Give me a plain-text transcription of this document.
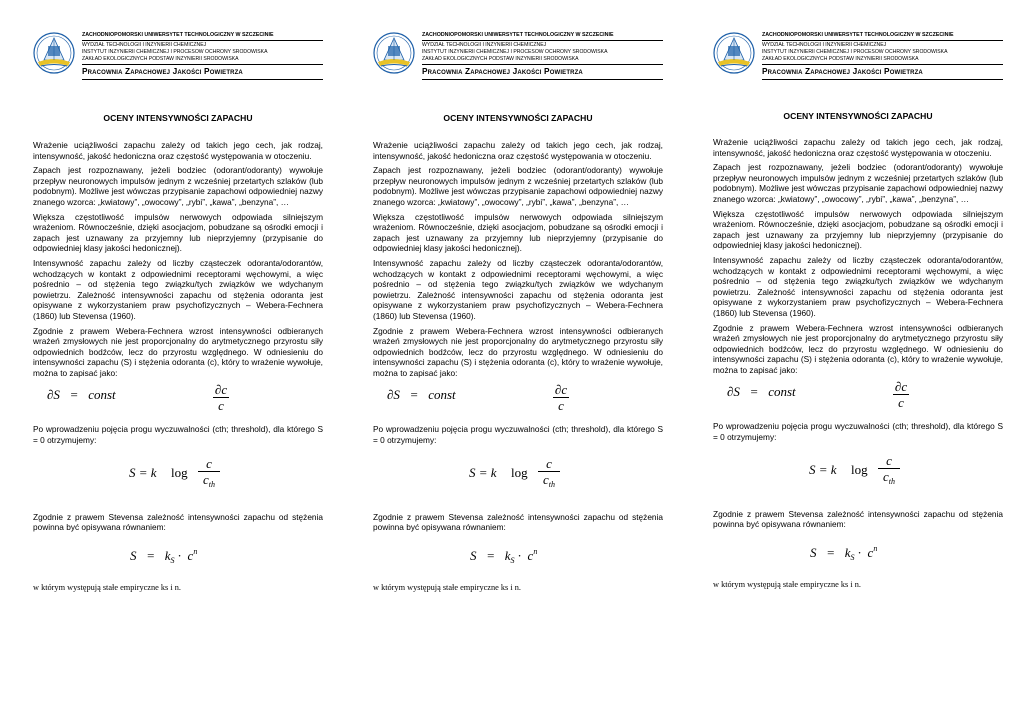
ZACHODNIOPOMORSKI UNIWERSYTET TECHNOLOGICZNY W SZCZECINIE
WYDZIAŁ TECHNOLOGII I INŻYNIERII CHEMICZNEJ
INSTYTUT INŻYNIERII CHEMICZNEJ I PROCESÓW OCHRONY ŚRODOWISKA
ZAKŁAD EKOLOGICZNYCH PODSTAW INŻYNIERII ŚRODOWISKA
Pracownia Zapachowej Jakości Powietrza
OCENY INTENSYWNOŚCI ZAPACHU

Wrażenie uciążliwości zapachu zależy od takich jego cech, jak rodzaj, intensywność, jakość hedoniczna oraz częstość występowania w otoczeniu.

Zapach jest rozpoznawany, jeżeli bodziec (odorant/odoranty) wywołuje przepływ neuronowych impulsów jednym z wcześniej przetartych szlaków (lub podobnym). Możliwe jest wówczas przypisanie zapachowi odpowiedniej nazwy znanego wzorca: „kwiatowy”, „owocowy”, „rybi”, „kawa”, „benzyna”, …

Większa częstotliwość impulsów nerwowych odpowiada silniejszym wrażeniom. Równocześnie, dzięki asocjacjom, pobudzane są ośrodki emocji i zapach jest uznawany za przyjemny lub nieprzyjemny (przypisanie do odpowiedniej klasy jakości hedonicznej).

Intensywność zapachu zależy od liczby cząsteczek odoranta/odorantów, wchodzących w kontakt z odpowiednimi receptorami węchowymi, a więc pośrednio – od stężenia tego związku/tych związków we wdychanym powietrzu. Zależność intensywności zapachu od stężenia odoranta jest opisywane z wykorzystaniem praw psychofizycznych – Webera-Fechnera (1860) lub Stevensa (1960).

Zgodnie z prawem Webera-Fechnera wzrost intensywności odbieranych wrażeń zmysłowych nie jest proporcjonalny do arytmetycznego przyrostu siły odpowiednich bodźców, lecz do przyrostu względnego. W odniesieniu do intensywności zapachu (S) i stężenia odoranta (c), który to wrażenie wywołuje, można to zapisać jako:

∂S   =   const	∂c
c

Po wprowadzeniu pojęcia progu wyczuwalności (cth; threshold), dla którego S = 0 otrzymujemy:

S = k log
c
$c_{th}$

Zgodnie z prawem Stevensa zależność intensywności zapachu od stężenia powinna być opisywana równaniem:

$S = k_S \cdot c^n$

w którym występują stałe empiryczne ks i n.

ZACHODNIOPOMORSKI UNIWERSYTET TECHNOLOGICZNY W SZCZECINIE
WYDZIAŁ TECHNOLOGII I INŻYNIERII CHEMICZNEJ
INSTYTUT INŻYNIERII CHEMICZNEJ I PROCESÓW OCHRONY ŚRODOWISKA
ZAKŁAD EKOLOGICZNYCH PODSTAW INŻYNIERII ŚRODOWISKA
Pracownia Zapachowej Jakości Powietrza
OCENY INTENSYWNOŚCI ZAPACHU

Wrażenie uciążliwości zapachu zależy od takich jego cech, jak rodzaj, intensywność, jakość hedoniczna oraz częstość występowania w otoczeniu.

Zapach jest rozpoznawany, jeżeli bodziec (odorant/odoranty) wywołuje przepływ neuronowych impulsów jednym z wcześniej przetartych szlaków (lub podobnym). Możliwe jest wówczas przypisanie zapachowi odpowiedniej nazwy znanego wzorca: „kwiatowy”, „owocowy”, „rybi”, „kawa”, „benzyna”, …

Większa częstotliwość impulsów nerwowych odpowiada silniejszym wrażeniom. Równocześnie, dzięki asocjacjom, pobudzane są ośrodki emocji i zapach jest uznawany za przyjemny lub nieprzyjemny (przypisanie do odpowiedniej klasy jakości hedonicznej).

Intensywność zapachu zależy od liczby cząsteczek odoranta/odorantów, wchodzących w kontakt z odpowiednimi receptorami węchowymi, a więc pośrednio – od stężenia tego związku/tych związków we wdychanym powietrzu. Zależność intensywności zapachu od stężenia odoranta jest opisywane z wykorzystaniem praw psychofizycznych – Webera-Fechnera (1860) lub Stevensa (1960).

Zgodnie z prawem Webera-Fechnera wzrost intensywności odbieranych wrażeń zmysłowych nie jest proporcjonalny do arytmetycznego przyrostu siły odpowiednich bodźców, lecz do przyrostu względnego. W odniesieniu do intensywności zapachu (S) i stężenia odoranta (c), który to wrażenie wywołuje, można to zapisać jako:

∂S   =   const	∂c
c

Po wprowadzeniu pojęcia progu wyczuwalności (cth; threshold), dla którego S = 0 otrzymujemy:

S = k log
c
$c_{th}$

Zgodnie z prawem Stevensa zależność intensywności zapachu od stężenia powinna być opisywana równaniem:

$S = k_S \cdot c^n$

w którym występują stałe empiryczne ks i n.

ZACHODNIOPOMORSKI UNIWERSYTET TECHNOLOGICZNY W SZCZECINIE
WYDZIAŁ TECHNOLOGII I INŻYNIERII CHEMICZNEJ
INSTYTUT INŻYNIERII CHEMICZNEJ I PROCESÓW OCHRONY ŚRODOWISKA
ZAKŁAD EKOLOGICZNYCH PODSTAW INŻYNIERII ŚRODOWISKA
Pracownia Zapachowej Jakości Powietrza
OCENY INTENSYWNOŚCI ZAPACHU

Wrażenie uciążliwości zapachu zależy od takich jego cech, jak rodzaj, intensywność, jakość hedoniczna oraz częstość występowania w otoczeniu.

Zapach jest rozpoznawany, jeżeli bodziec (odorant/odoranty) wywołuje przepływ neuronowych impulsów jednym z wcześniej przetartych szlaków (lub podobnym). Możliwe jest wówczas przypisanie zapachowi odpowiedniej nazwy znanego wzorca: „kwiatowy”, „owocowy”, „rybi”, „kawa”, „benzyna”, …

Większa częstotliwość impulsów nerwowych odpowiada silniejszym wrażeniom. Równocześnie, dzięki asocjacjom, pobudzane są ośrodki emocji i zapach jest uznawany za przyjemny lub nieprzyjemny (przypisanie do odpowiedniej klasy jakości hedonicznej).

Intensywność zapachu zależy od liczby cząsteczek odoranta/odorantów, wchodzących w kontakt z odpowiednimi receptorami węchowymi, a więc pośrednio – od stężenia tego związku/tych związków we wdychanym powietrzu. Zależność intensywności zapachu od stężenia odoranta jest opisywane z wykorzystaniem praw psychofizycznych – Webera-Fechnera (1860) lub Stevensa (1960).

Zgodnie z prawem Webera-Fechnera wzrost intensywności odbieranych wrażeń zmysłowych nie jest proporcjonalny do arytmetycznego przyrostu siły odpowiednich bodźców, lecz do przyrostu względnego. W odniesieniu do intensywności zapachu (S) i stężenia odoranta (c), który to wrażenie wywołuje, można to zapisać jako:

∂S   =   const	∂c
c

Po wprowadzeniu pojęcia progu wyczuwalności (cth; threshold), dla którego S = 0 otrzymujemy:

S = k log
c
$c_{th}$

Zgodnie z prawem Stevensa zależność intensywności zapachu od stężenia powinna być opisywana równaniem:

$S = k_S \cdot c^n$

w którym występują stałe empiryczne ks i n.
